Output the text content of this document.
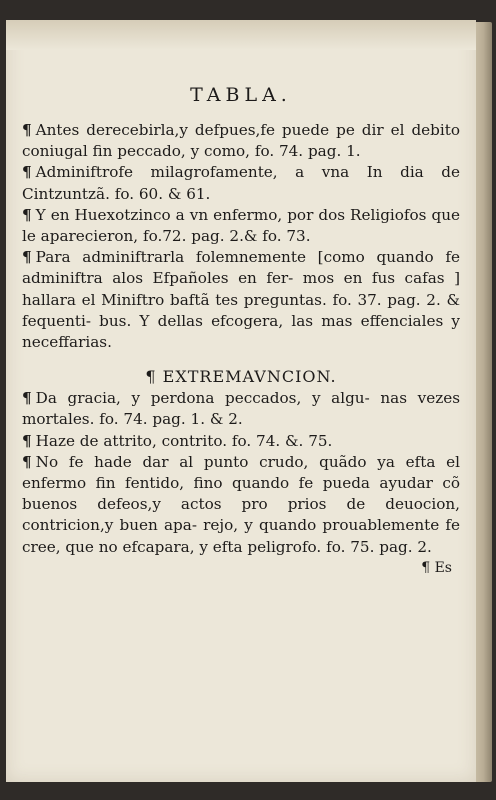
TABLA.

¶ Antes derecebirla,y defpues,fe puede pe dir el debito coniugal fin peccado, y como, fo. 74. pag. 1.

¶ Adminiftrofe milagrofamente, a vna In dia de Cintzuntzã. fo. 60. & 61.

¶ Y en Huexotzinco a vn enfermo, por dos Religiofos que le aparecieron, fo.72. pag. 2.& fo. 73.

¶ Para adminiftrarla folemnemente [como quando fe adminiftra alos Efpañoles en fer- mos en fus cafas ] hallara el Miniftro baftã tes preguntas. fo. 37. pag. 2. & fequenti- bus. Y dellas efcogera, las mas effenciales y neceffarias.

¶ EXTREMAVNCION.

¶ Da gracia, y perdona peccados, y algu- nas vezes mortales. fo. 74. pag. 1. & 2.

¶ Haze de attrito, contrito. fo. 74. &. 75.

¶ No fe hade dar al punto crudo, quãdo ya efta el enfermo fin fentido, fino quando fe pueda ayudar cõ buenos defeos,y actos pro prios de deuocion, contricion,y buen apa- rejo, y quando prouablemente fe cree, que no efcapara, y efta peligrofo. fo. 75. pag. 2.

¶ Es
